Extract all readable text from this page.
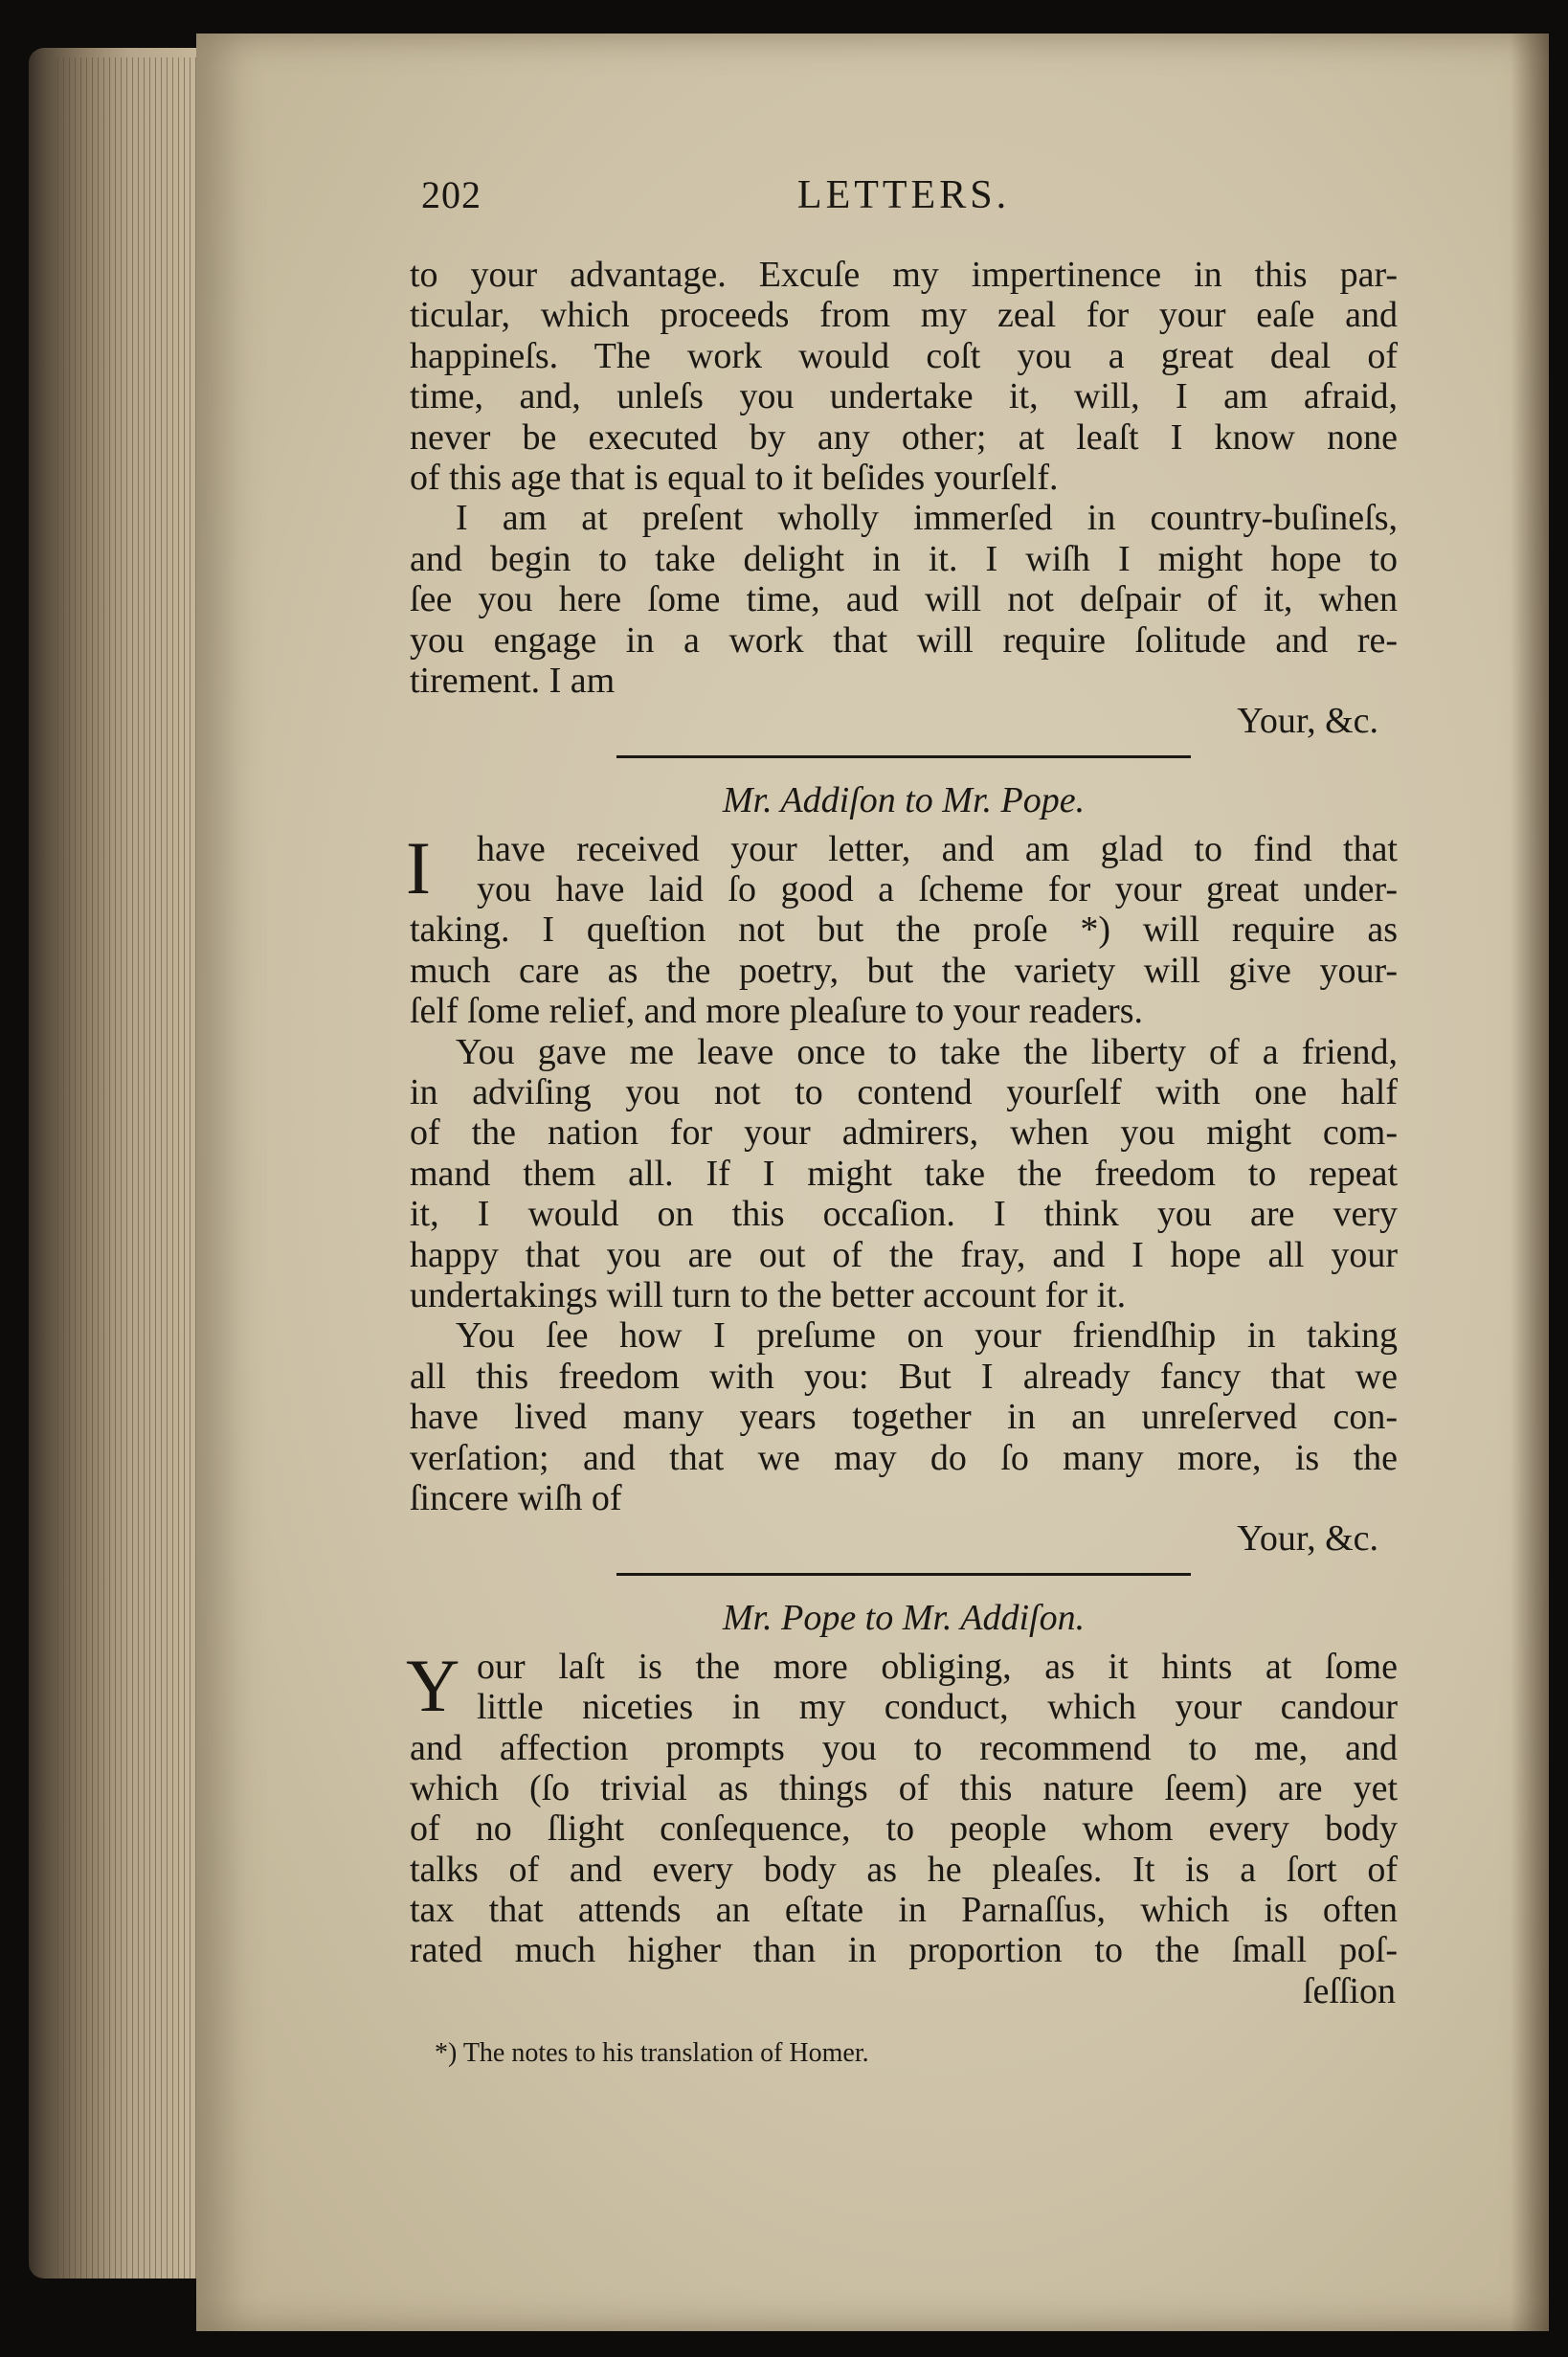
202	LETTERS.
to your advantage. Excuſe my impertinence in this par-
ticular, which proceeds from my zeal for your eaſe and
happineſs. The work would coſt you a great deal of
time, and, unleſs you undertake it, will, I am afraid,
never be executed by any other; at leaſt I know none
of this age that is equal to it beſides yourſelf.
I am at preſent wholly immerſed in country-buſineſs,
and begin to take delight in it. I wiſh I might hope to
ſee you here ſome time, aud will not deſpair of it, when
you engage in a work that will require ſolitude and re-
tirement. I am
Your, &c.
Mr. Addiſon to Mr. Pope.
I	have received your letter, and am glad to find that
you have laid ſo good a ſcheme for your great under-
taking. I queſtion not but the proſe *) will require as
much care as the poetry, but the variety will give your-
ſelf ſome relief, and more pleaſure to your readers.
You gave me leave once to take the liberty of a friend,
in adviſing you not to contend yourſelf with one half
of the nation for your admirers, when you might com-
mand them all. If I might take the freedom to repeat
it, I would on this occaſion. I think you are very
happy that you are out of the fray, and I hope all your
undertakings will turn to the better account for it.
You ſee how I preſume on your friendſhip in taking
all this freedom with you: But I already fancy that we
have lived many years together in an unreſerved con-
verſation; and that we may do ſo many more, is the
ſincere wiſh of
Your, &c.
Mr. Pope to Mr. Addiſon.
Y our laſt is the more obliging, as it hints at ſome
little niceties in my conduct, which your candour
and affection prompts you to recommend to me, and
which (ſo trivial as things of this nature ſeem) are yet
of no ſlight conſequence, to people whom every body
talks of and every body as he pleaſes. It is a ſort of
tax that attends an eſtate in Parnaſſus, which is often
rated much higher than in proportion to the ſmall poſ-
ſeſſion
*) The notes to his translation of Homer.
